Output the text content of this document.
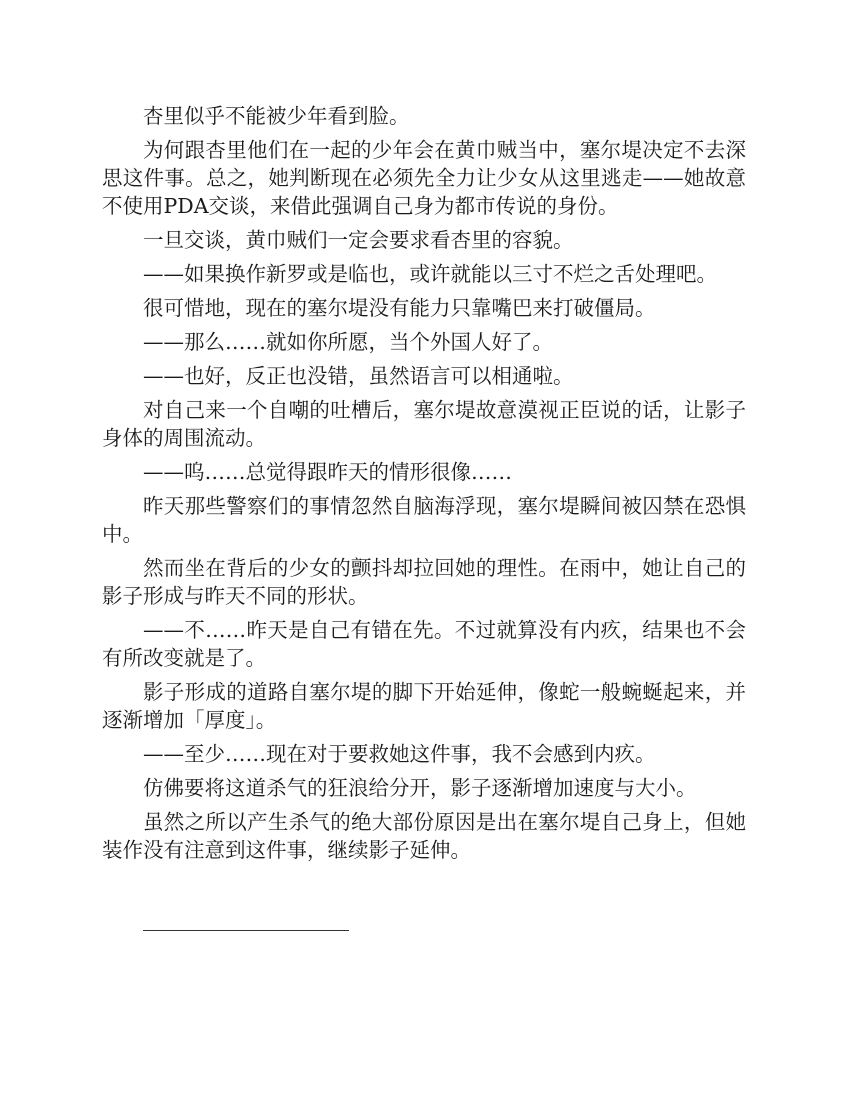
杏里似乎不能被少年看到脸。

为何跟杏里他们在一起的少年会在黄巾贼当中，塞尔堤决定不去深思这件事。总之，她判断现在必须先全力让少女从这里逃走——她故意不使用PDA交谈，来借此强调自己身为都市传说的身份。

一旦交谈，黄巾贼们一定会要求看杏里的容貌。

——如果换作新罗或是临也，或许就能以三寸不烂之舌处理吧。

很可惜地，现在的塞尔堤没有能力只靠嘴巴来打破僵局。

——那么……就如你所愿，当个外国人好了。

——也好，反正也没错，虽然语言可以相通啦。

对自己来一个自嘲的吐槽后，塞尔堤故意漠视正臣说的话，让影子身体的周围流动。

——呜……总觉得跟昨天的情形很像……

昨天那些警察们的事情忽然自脑海浮现，塞尔堤瞬间被囚禁在恐惧中。

然而坐在背后的少女的颤抖却拉回她的理性。在雨中，她让自己的影子形成与昨天不同的形状。

——不……昨天是自己有错在先。不过就算没有内疚，结果也不会有所改变就是了。

影子形成的道路自塞尔堤的脚下开始延伸，像蛇一般蜿蜒起来，并逐渐增加「厚度」。

——至少……现在对于要救她这件事，我不会感到内疚。

仿佛要将这道杀气的狂浪给分开，影子逐渐增加速度与大小。

虽然之所以产生杀气的绝大部份原因是出在塞尔堤自己身上，但她装作没有注意到这件事，继续影子延伸。
